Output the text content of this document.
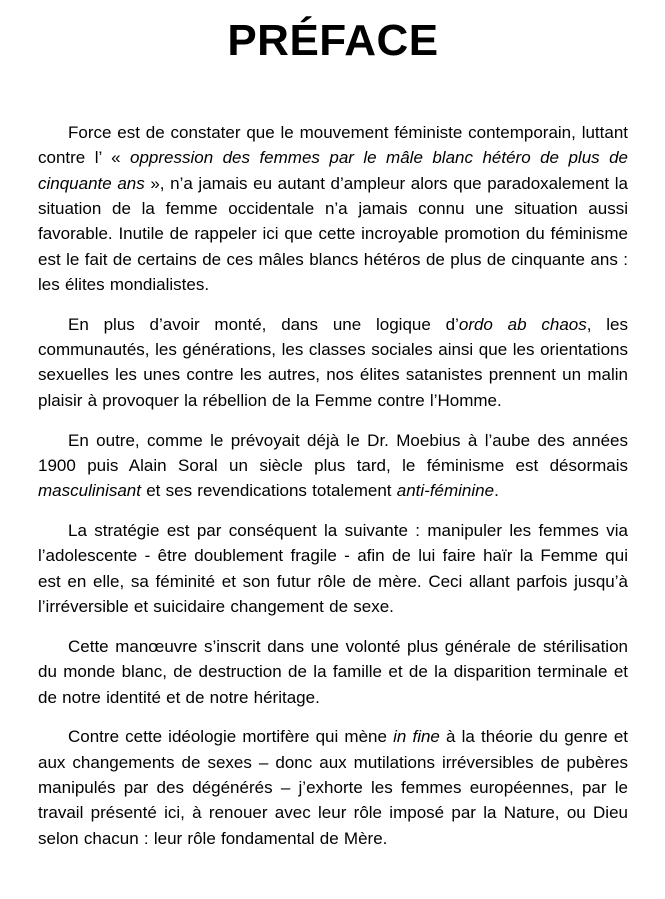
PRÉFACE

Force est de constater que le mouvement féministe contemporain, luttant contre l’ « oppression des femmes par le mâle blanc hétéro de plus de cinquante ans », n’a jamais eu autant d’ampleur alors que paradoxalement la situation de la femme occidentale n’a jamais connu une situation aussi favorable. Inutile de rappeler ici que cette incroyable promotion du féminisme est le fait de certains de ces mâles blancs hétéros de plus de cinquante ans : les élites mondialistes.

En plus d’avoir monté, dans une logique d’ordo ab chaos, les communautés, les générations, les classes sociales ainsi que les orientations sexuelles les unes contre les autres, nos élites satanistes prennent un malin plaisir à provoquer la rébellion de la Femme contre l’Homme.

En outre, comme le prévoyait déjà le Dr. Moebius à l’aube des années 1900 puis Alain Soral un siècle plus tard, le féminisme est désormais masculinisant et ses revendications totalement anti-féminine.

La stratégie est par conséquent la suivante : manipuler les femmes via l’adolescente - être doublement fragile - afin de lui faire haïr la Femme qui est en elle, sa féminité et son futur rôle de mère. Ceci allant parfois jusqu’à l’irréversible et suicidaire changement de sexe.

Cette manœuvre s’inscrit dans une volonté plus générale de stérilisation du monde blanc, de destruction de la famille et de la disparition terminale et de notre identité et de notre héritage.

Contre cette idéologie mortifère qui mène in fine à la théorie du genre et aux changements de sexes – donc aux mutilations irréversibles de pubères manipulés par des dégénérés – j’exhorte les femmes européennes, par le travail présenté ici, à renouer avec leur rôle imposé par la Nature, ou Dieu selon chacun : leur rôle fondamental de Mère.
